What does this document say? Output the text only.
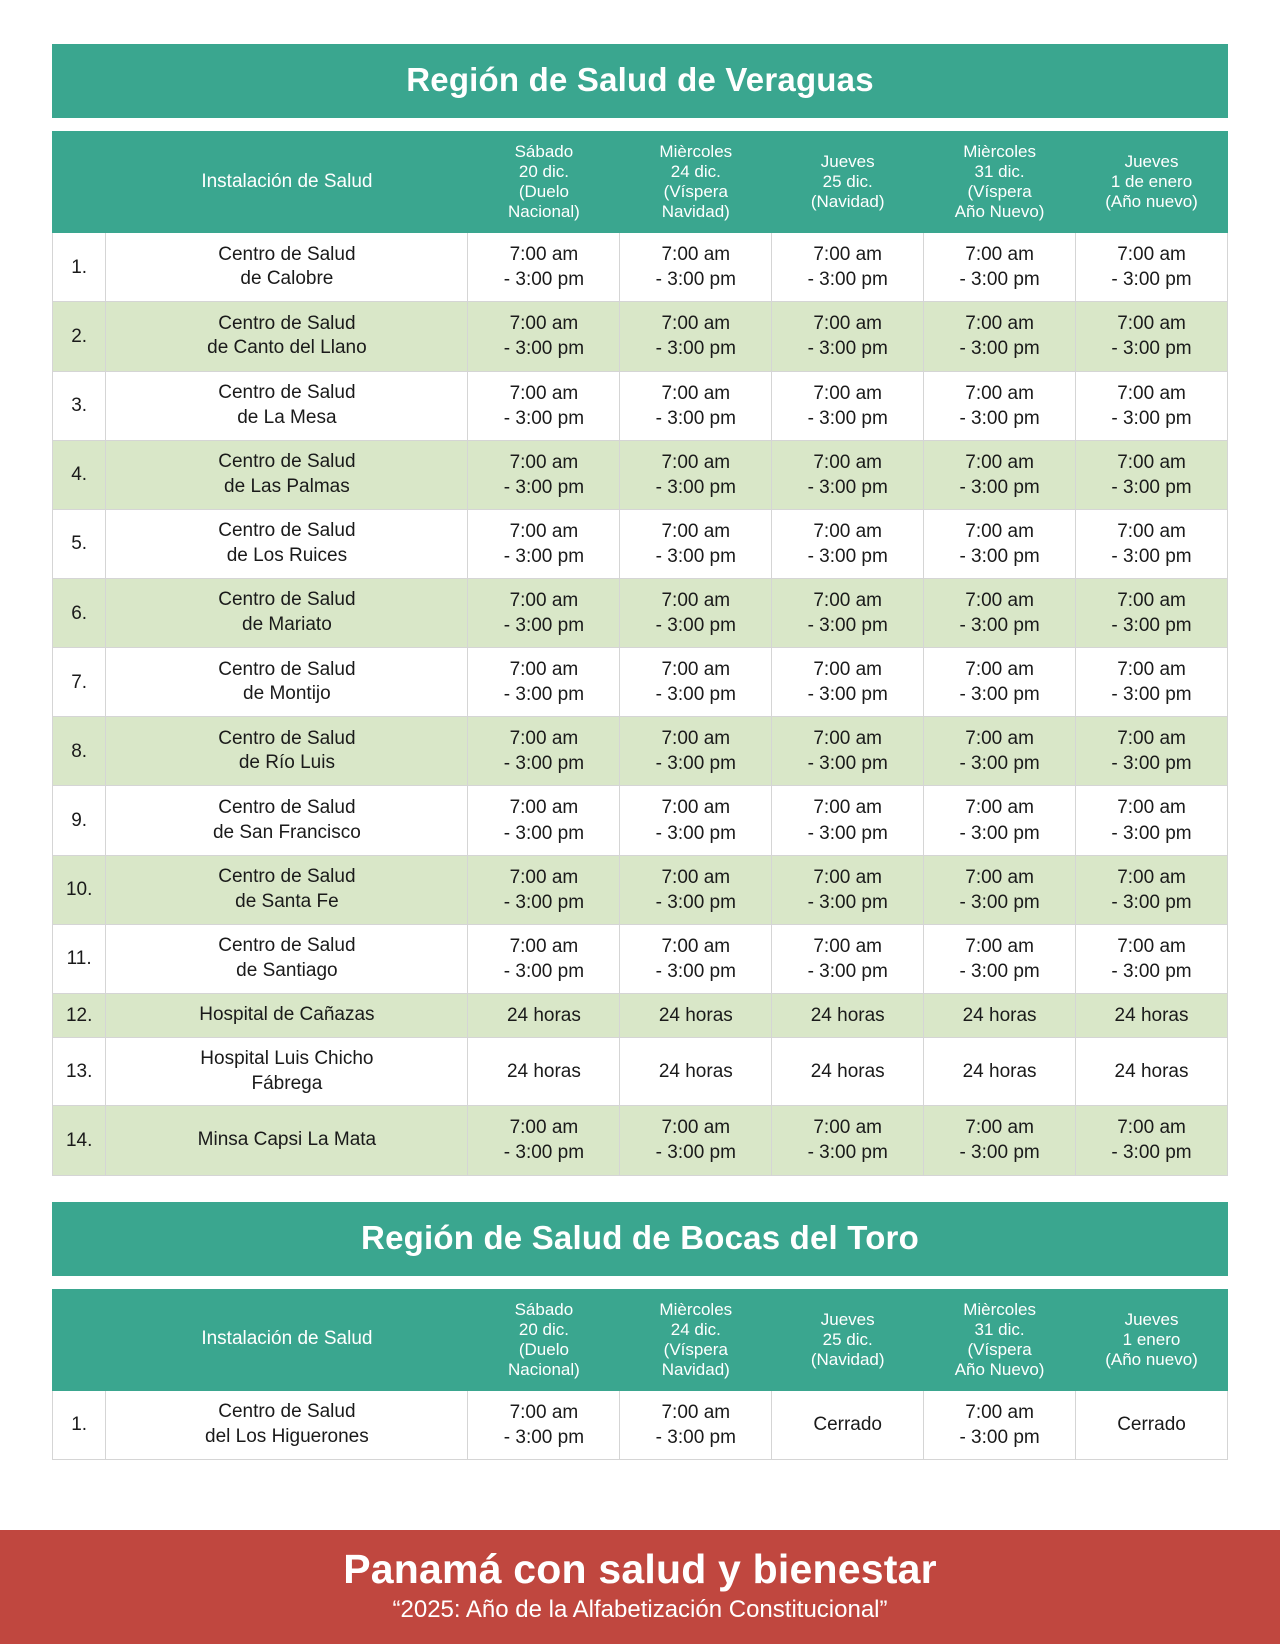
Región de Salud de Veraguas
	Instalación de Salud	Sábado
20 dic.
(Duelo
Nacional)	Mièrcoles
24 dic.
(Víspera
Navidad)	Jueves
25 dic.
(Navidad)	Mièrcoles
31 dic.
(Víspera
Año Nuevo)	Jueves
1 de enero
(Año nuevo)

1.	Centro de Salud
de Calobre	7:00 am
- 3:00 pm	7:00 am
- 3:00 pm	7:00 am
- 3:00 pm	7:00 am
- 3:00 pm	7:00 am
- 3:00 pm

2.	Centro de Salud
de Canto del Llano	7:00 am
- 3:00 pm	7:00 am
- 3:00 pm	7:00 am
- 3:00 pm	7:00 am
- 3:00 pm	7:00 am
- 3:00 pm

3.	Centro de Salud
de La Mesa	7:00 am
- 3:00 pm	7:00 am
- 3:00 pm	7:00 am
- 3:00 pm	7:00 am
- 3:00 pm	7:00 am
- 3:00 pm

4.	Centro de Salud
de Las Palmas	7:00 am
- 3:00 pm	7:00 am
- 3:00 pm	7:00 am
- 3:00 pm	7:00 am
- 3:00 pm	7:00 am
- 3:00 pm

5.	Centro de Salud
de Los Ruices	7:00 am
- 3:00 pm	7:00 am
- 3:00 pm	7:00 am
- 3:00 pm	7:00 am
- 3:00 pm	7:00 am
- 3:00 pm

6.	Centro de Salud
de Mariato	7:00 am
- 3:00 pm	7:00 am
- 3:00 pm	7:00 am
- 3:00 pm	7:00 am
- 3:00 pm	7:00 am
- 3:00 pm

7.	Centro de Salud
de Montijo	7:00 am
- 3:00 pm	7:00 am
- 3:00 pm	7:00 am
- 3:00 pm	7:00 am
- 3:00 pm	7:00 am
- 3:00 pm

8.	Centro de Salud
de Río Luis	7:00 am
- 3:00 pm	7:00 am
- 3:00 pm	7:00 am
- 3:00 pm	7:00 am
- 3:00 pm	7:00 am
- 3:00 pm

9.	Centro de Salud
de San Francisco	7:00 am
- 3:00 pm	7:00 am
- 3:00 pm	7:00 am
- 3:00 pm	7:00 am
- 3:00 pm	7:00 am
- 3:00 pm

10.	Centro de Salud
de Santa Fe	7:00 am
- 3:00 pm	7:00 am
- 3:00 pm	7:00 am
- 3:00 pm	7:00 am
- 3:00 pm	7:00 am
- 3:00 pm

11.	Centro de Salud
de Santiago	7:00 am
- 3:00 pm	7:00 am
- 3:00 pm	7:00 am
- 3:00 pm	7:00 am
- 3:00 pm	7:00 am
- 3:00 pm

12.	Hospital de Cañazas	24 horas	24 horas	24 horas	24 horas	24 horas
13.	Hospital Luis Chicho
Fábrega	24 horas	24 horas	24 horas	24 horas	24 horas
14.	Minsa Capsi La Mata	7:00 am
- 3:00 pm	7:00 am
- 3:00 pm	7:00 am
- 3:00 pm	7:00 am
- 3:00 pm	7:00 am
- 3:00 pm
Región de Salud de Bocas del Toro
	Instalación de Salud	Sábado
20 dic.
(Duelo
Nacional)	Mièrcoles
24 dic.
(Víspera
Navidad)	Jueves
25 dic.
(Navidad)	Mièrcoles
31 dic.
(Víspera
Año Nuevo)	Jueves
1 enero
(Año nuevo)

1.	Centro de Salud
del Los Higuerones	7:00 am
- 3:00 pm	7:00 am
- 3:00 pm	Cerrado	7:00 am
- 3:00 pm	Cerrado
Panamá con salud y bienestar
“2025: Año de la Alfabetización Constitucional”
